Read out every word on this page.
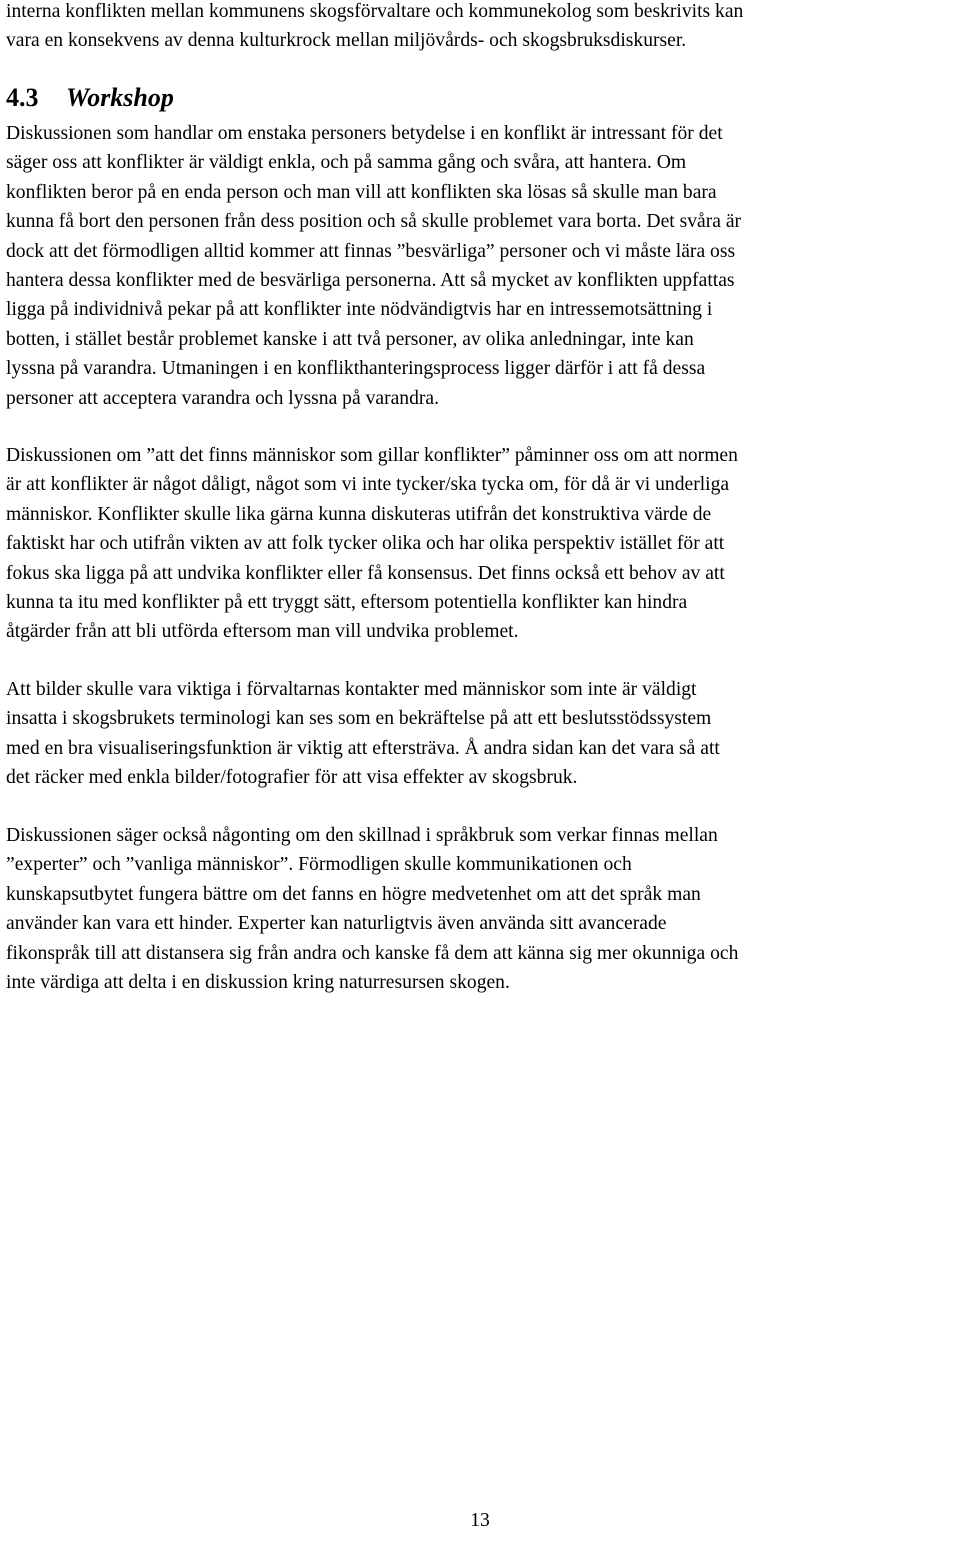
interna konflikten mellan kommunens skogsförvaltare och kommunekolog som beskrivits kan
vara en konsekvens av denna kulturkrock mellan miljövårds- och skogsbruksdiskurser.

4.3 Workshop

Diskussionen som handlar om enstaka personers betydelse i en konflikt är intressant för det
säger oss att konflikter är väldigt enkla, och på samma gång och svåra, att hantera. Om
konflikten beror på en enda person och man vill att konflikten ska lösas så skulle man bara
kunna få bort den personen från dess position och så skulle problemet vara borta. Det svåra är
dock att det förmodligen alltid kommer att finnas ”besvärliga” personer och vi måste lära oss
hantera dessa konflikter med de besvärliga personerna. Att så mycket av konflikten uppfattas
ligga på individnivå pekar på att konflikter inte nödvändigtvis har en intressemotsättning i
botten, i stället består problemet kanske i att två personer, av olika anledningar, inte kan
lyssna på varandra. Utmaningen i en konflikthanteringsprocess ligger därför i att få dessa
personer att acceptera varandra och lyssna på varandra.

Diskussionen om ”att det finns människor som gillar konflikter” påminner oss om att normen
är att konflikter är något dåligt, något som vi inte tycker/ska tycka om, för då är vi underliga
människor. Konflikter skulle lika gärna kunna diskuteras utifrån det konstruktiva värde de
faktiskt har och utifrån vikten av att folk tycker olika och har olika perspektiv istället för att
fokus ska ligga på att undvika konflikter eller få konsensus. Det finns också ett behov av att
kunna ta itu med konflikter på ett tryggt sätt, eftersom potentiella konflikter kan hindra
åtgärder från att bli utförda eftersom man vill undvika problemet.

Att bilder skulle vara viktiga i förvaltarnas kontakter med människor som inte är väldigt
insatta i skogsbrukets terminologi kan ses som en bekräftelse på att ett beslutsstödssystem
med en bra visualiseringsfunktion är viktig att eftersträva. Å andra sidan kan det vara så att
det räcker med enkla bilder/fotografier för att visa effekter av skogsbruk.

Diskussionen säger också någonting om den skillnad i språkbruk som verkar finnas mellan
”experter” och ”vanliga människor”. Förmodligen skulle kommunikationen och
kunskapsutbytet fungera bättre om det fanns en högre medvetenhet om att det språk man
använder kan vara ett hinder. Experter kan naturligtvis även använda sitt avancerade
fikonspråk till att distansera sig från andra och kanske få dem att känna sig mer okunniga och
inte värdiga att delta i en diskussion kring naturresursen skogen.

13
